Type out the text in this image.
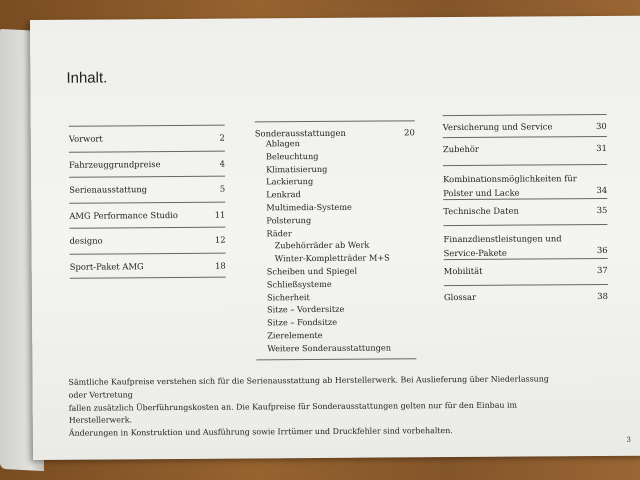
Inhalt.
Vorwort	2
Fahrzeuggrundpreise	4
Serienausstattung	5
AMG Performance Studio	11
designo	12
Sport-Paket AMG	18
Sonderausstattungen	20
Ablagen
Beleuchtung
Klimatisierung
Lackierung
Lenkrad
Multimedia-Systeme
Polsterung
Räder
Zubehörräder ab Werk
Winter-Kompletträder M+S
Scheiben und Spiegel
Schließsysteme
Sicherheit
Sitze – Vordersitze
Sitze – Fondsitze
Zierelemente
Weitere Sonderausstattungen
Versicherung und Service	30
Zubehör	31
Kombinationsmöglichkeiten für Polster und Lacke	34
Technische Daten	35
Finanzdienstleistungen und Service-Pakete	36
Mobilität	37
Glossar	38
Sämtliche Kaufpreise verstehen sich für die Serienausstattung ab Herstellerwerk. Bei Auslieferung über Niederlassung oder Vertretung
fallen zusätzlich Überführungskosten an. Die Kaufpreise für Sonderausstattungen gelten nur für den Einbau im Herstellerwerk.
Änderungen in Konstruktion und Ausführung sowie Irrtümer und Druckfehler sind vorbehalten.
3
